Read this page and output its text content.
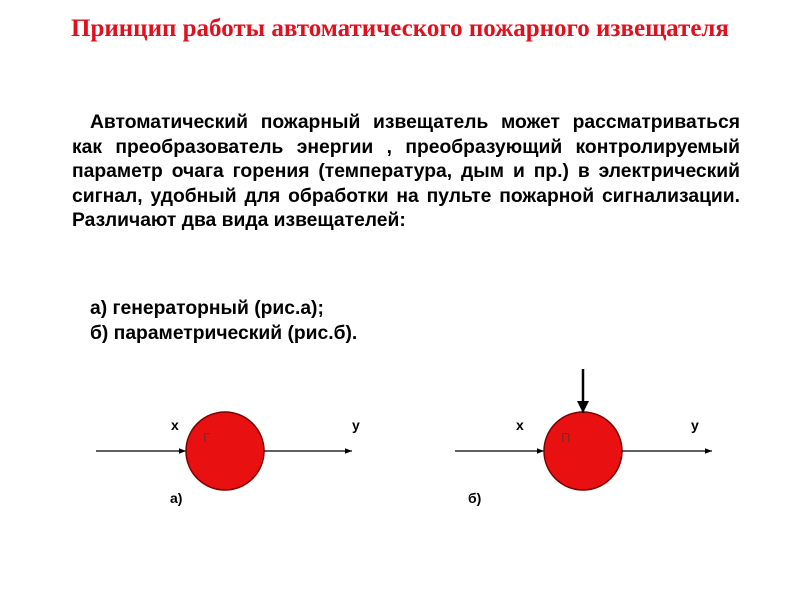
Принцип работы автоматического пожарного извещателя

Автоматический пожарный извещатель может рассматриваться как преобразователь энергии , преобразующий контролируемый параметр очага горения (температура, дым и пр.) в электрический сигнал, удобный для обработки на пульте пожарной сигнализации. Различают два вида извещателей:

а) генераторный (рис.а);
б) параметрический (рис.б).
x	y
Г
а)
x	y
П
б)
